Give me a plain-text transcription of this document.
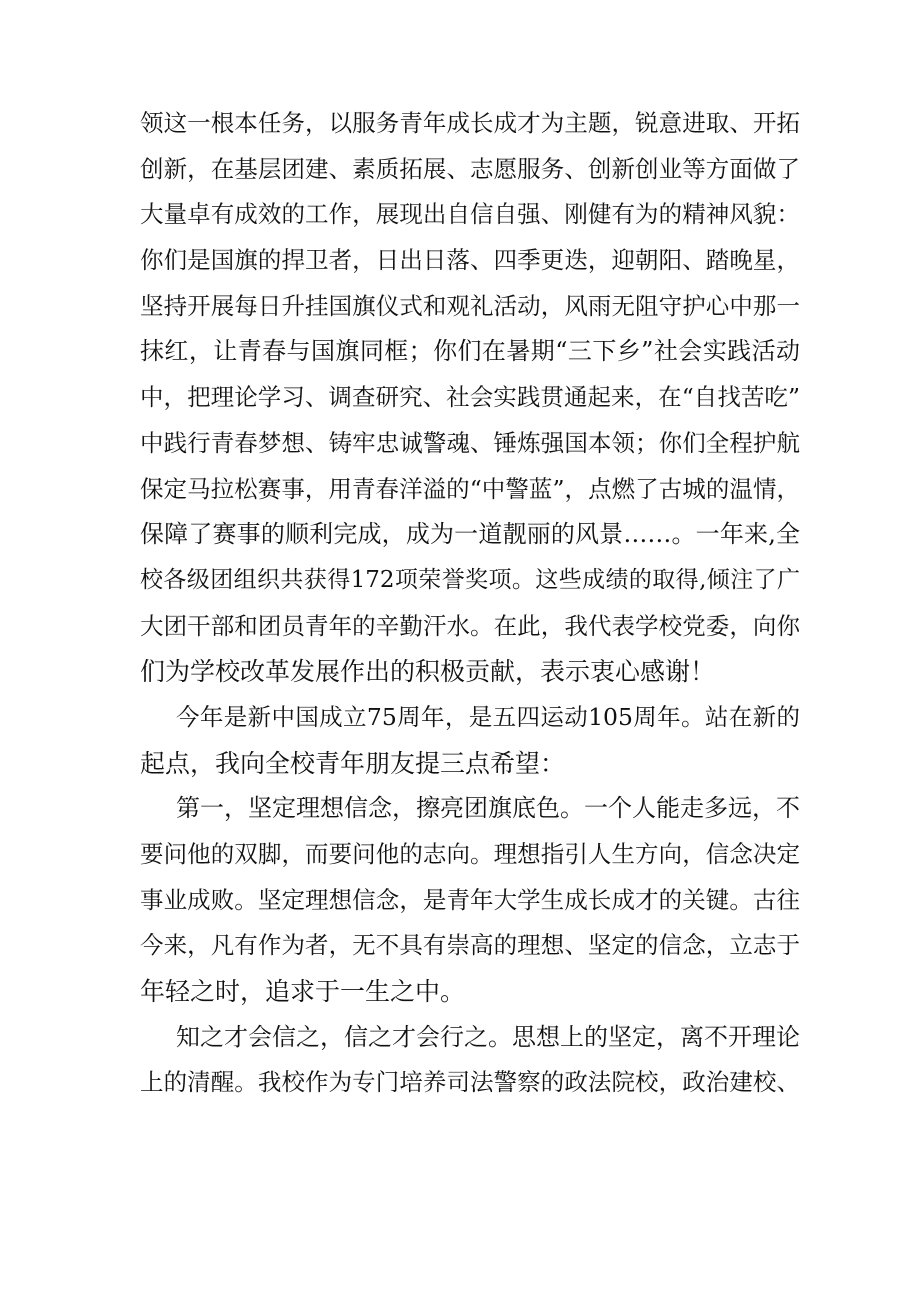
领这一根本任务，以服务青年成长成才为主题，锐意进取、开拓
创新，在基层团建、素质拓展、志愿服务、创新创业等方面做了
大量卓有成效的工作，展现出自信自强、刚健有为的精神风貌：
你们是国旗的捍卫者，日出日落、四季更迭，迎朝阳、踏晚星，
坚持开展每日升挂国旗仪式和观礼活动，风雨无阻守护心中那一
抹红，让青春与国旗同框；你们在暑期“三下乡”社会实践活动
中，把理论学习、调查研究、社会实践贯通起来，在“自找苦吃”
中践行青春梦想、铸牢忠诚警魂、锤炼强国本领；你们全程护航
保定马拉松赛事，用青春洋溢的“中警蓝”，点燃了古城的温情，
保障了赛事的顺利完成，成为一道靓丽的风景……。一年来,全
校各级团组织共获得172项荣誉奖项。这些成绩的取得,倾注了广
大团干部和团员青年的辛勤汗水。在此，我代表学校党委，向你
们为学校改革发展作出的积极贡献，表示衷心感谢！
今年是新中国成立75周年，是五四运动105周年。站在新的
起点，我向全校青年朋友提三点希望：
第一，坚定理想信念，擦亮团旗底色。一个人能走多远，不
要问他的双脚，而要问他的志向。理想指引人生方向，信念决定
事业成败。坚定理想信念，是青年大学生成长成才的关键。古往
今来，凡有作为者，无不具有崇高的理想、坚定的信念，立志于
年轻之时，追求于一生之中。
知之才会信之，信之才会行之。思想上的坚定，离不开理论
上的清醒。我校作为专门培养司法警察的政法院校，政治建校、
